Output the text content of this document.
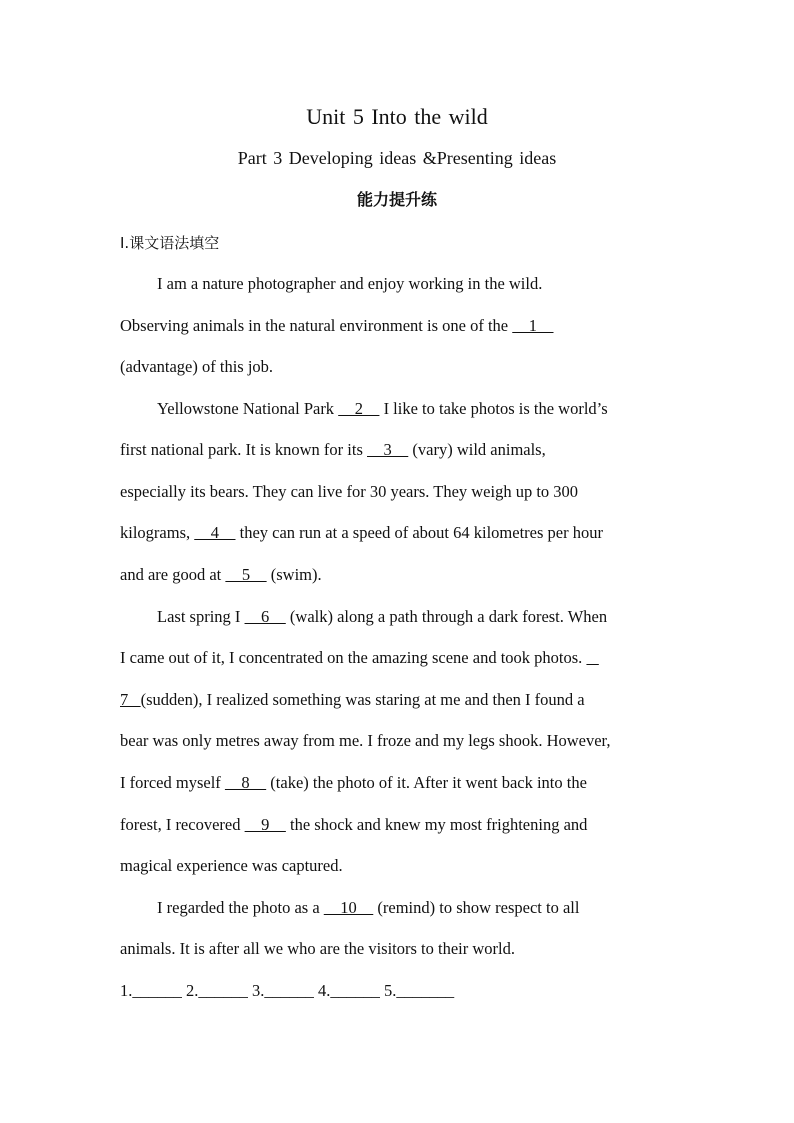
Unit 5 Into the wild
Part 3 Developing ideas &Presenting ideas
能力提升练
Ⅰ.课文语法填空
I am a nature photographer and enjoy working in the wild.
Observing animals in the natural environment is one of the     1
(advantage) of this job.
Yellowstone National Park     2     I like to take photos is the world’s
first national park. It is known for its     3     (vary) wild animals,
especially its bears. They can live for 30 years. They weigh up to 300
kilograms,     4     they can run at a speed of about 64 kilometres per hour
and are good at     5     (swim).
Last spring I     6     (walk) along a path through a dark forest. When
I came out of it, I concentrated on the amazing scene and took photos.
7   (sudden), I realized something was staring at me and then I found a
bear was only metres away from me. I froze and my legs shook. However,
I forced myself     8     (take) the photo of it. After it went back into the
forest, I recovered     9     the shock and knew my most frightening and
magical experience was captured.
I regarded the photo as a     10     (remind) to show respect to all
animals. It is after all we who are the visitors to their world.
1.______ 2.______ 3.______ 4.______ 5._______
